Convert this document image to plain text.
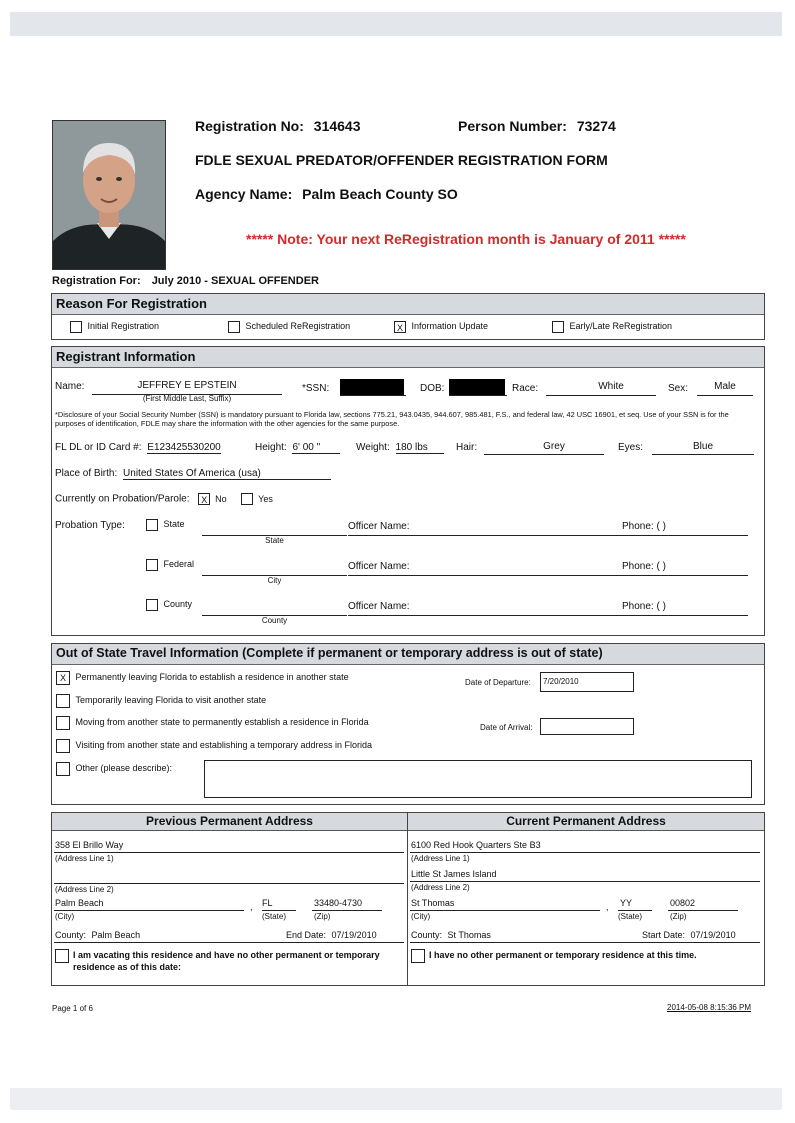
Registration No: 314643	Person Number: 73274
FDLE SEXUAL PREDATOR/OFFENDER REGISTRATION FORM
Agency Name: Palm Beach County SO
***** Note: Your next ReRegistration month is January of 2011 *****
Registration For: July 2010 - SEXUAL OFFENDER
Reason For Registration
Initial Registration	Scheduled ReRegistration	X Information Update	Early/Late ReRegistration
Registrant Information
Name:	JEFFREY E EPSTEIN
(First Middle Last, Suffix)
*SSN:	DOB:	Race:	White	Sex:	Male
*Disclosure of your Social Security Number (SSN) is mandatory pursuant to Florida law, sections 775.21, 943.0435, 944.607, 985.481, F.S., and federal law, 42 USC 16901, et seq. Use of your SSN is for the purposes of identification, FDLE may share the information with the other agencies for the same purpose.
FL DL or ID Card #: E123425530200	Height: 6' 00 "	Weight: 180 lbs	Hair:	Grey	Eyes:	Blue
Place of Birth: United States Of America (usa)
Currently on Probation/Parole: X No	Yes
Probation Type:	State
State
Officer Name:	Phone: ( )
Federal
City
Officer Name:	Phone: ( )
County
County
Officer Name:	Phone: ( )
Out of State Travel Information (Complete if permanent or temporary address is out of state)
X Permanently leaving Florida to establish a residence in another state
Temporarily leaving Florida to visit another state
Moving from another state to permanently establish a residence in Florida
Visiting from another state and establishing a temporary address in Florida
Other (please describe):
Date of Departure:	7/20/2010
Date of Arrival:
Previous Permanent Address
358 El Brillo Way
(Address Line 1)
(Address Line 2)
Palm Beach
(City)
, FL
(State)
33480-4730
(Zip)
County: Palm Beach	End Date: 07/19/2010
I am vacating this residence and have no other permanent or temporary residence as of this date:
Current Permanent Address
6100 Red Hook Quarters Ste B3
(Address Line 1)
Little St James Island
(Address Line 2)
St Thomas
(City)
, YY
(State)
00802
(Zip)
County: St Thomas	Start Date: 07/19/2010
I have no other permanent or temporary residence at this time.
Page 1 of 6	2014-05-08 8:15:36 PM
